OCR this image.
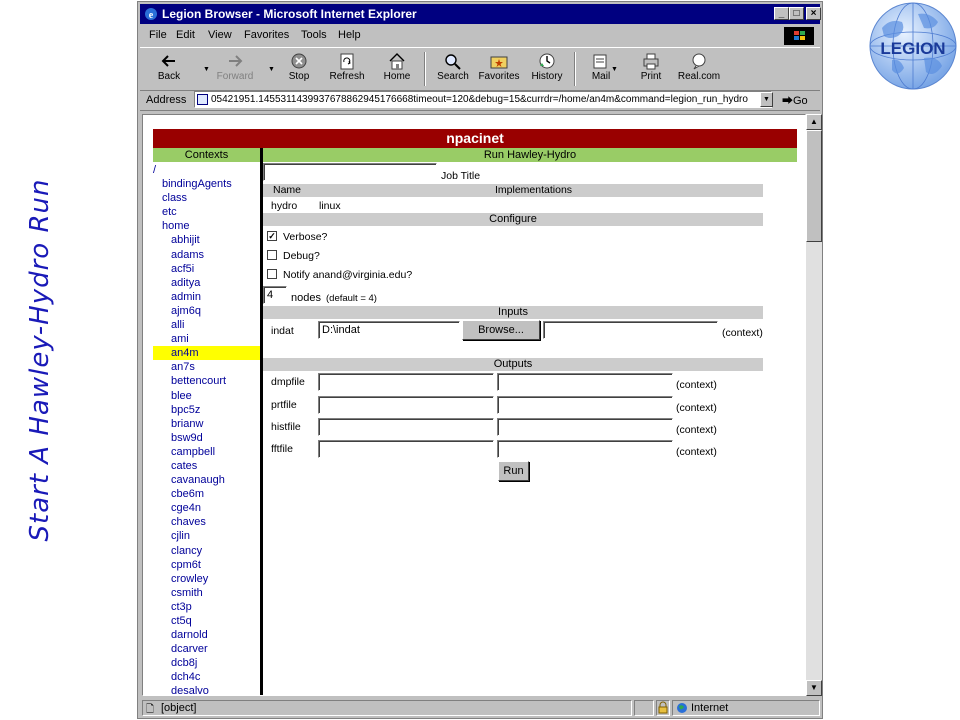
Start A Hawley-Hydro Run
LEGION
e Legion Browser - Microsoft Internet Explorer	_ □	×
File Edit View Favorites Tools Help
Back
▼
Forward
▼
Stop	Refresh	Home	Search Favorites	History	Mail
▼
Print	Real.com
Address	05421951.1455311439937678862945176668timeout=120&debug=15&currdr=/home/an4m&command=legion_run_hydro	▼ ⮕Go
npacinet
Contexts	Run Hawley-Hydro
/
bindingAgents
class
etc
home
abhijit
adams
acf5i
aditya
admin
ajm6q
alli
ami
an4m
an7s
bettencourt
blee
bpc5z
brianw
bsw9d
campbell
cates
cavanaugh
cbe6m
cge4n
chaves
cjlin
clancy
cpm6t
crowley
csmith
ct3p
ct5q
darnold
dcarver
dcb8j
dch4c
desalvo
Job Title
Name	Implementations
hydro linux
Configure
✓ Verbose?
Debug?
Notify anand@virginia.edu?
4	nodes (default = 4)
Inputs
indat	D:\indat	Browse...	(context)
Outputs
dmpfile	(context)
prtfile	(context)
histfile	(context)
fftfile	(context)
Run
▲
▼
🗋 [object]	Internet
